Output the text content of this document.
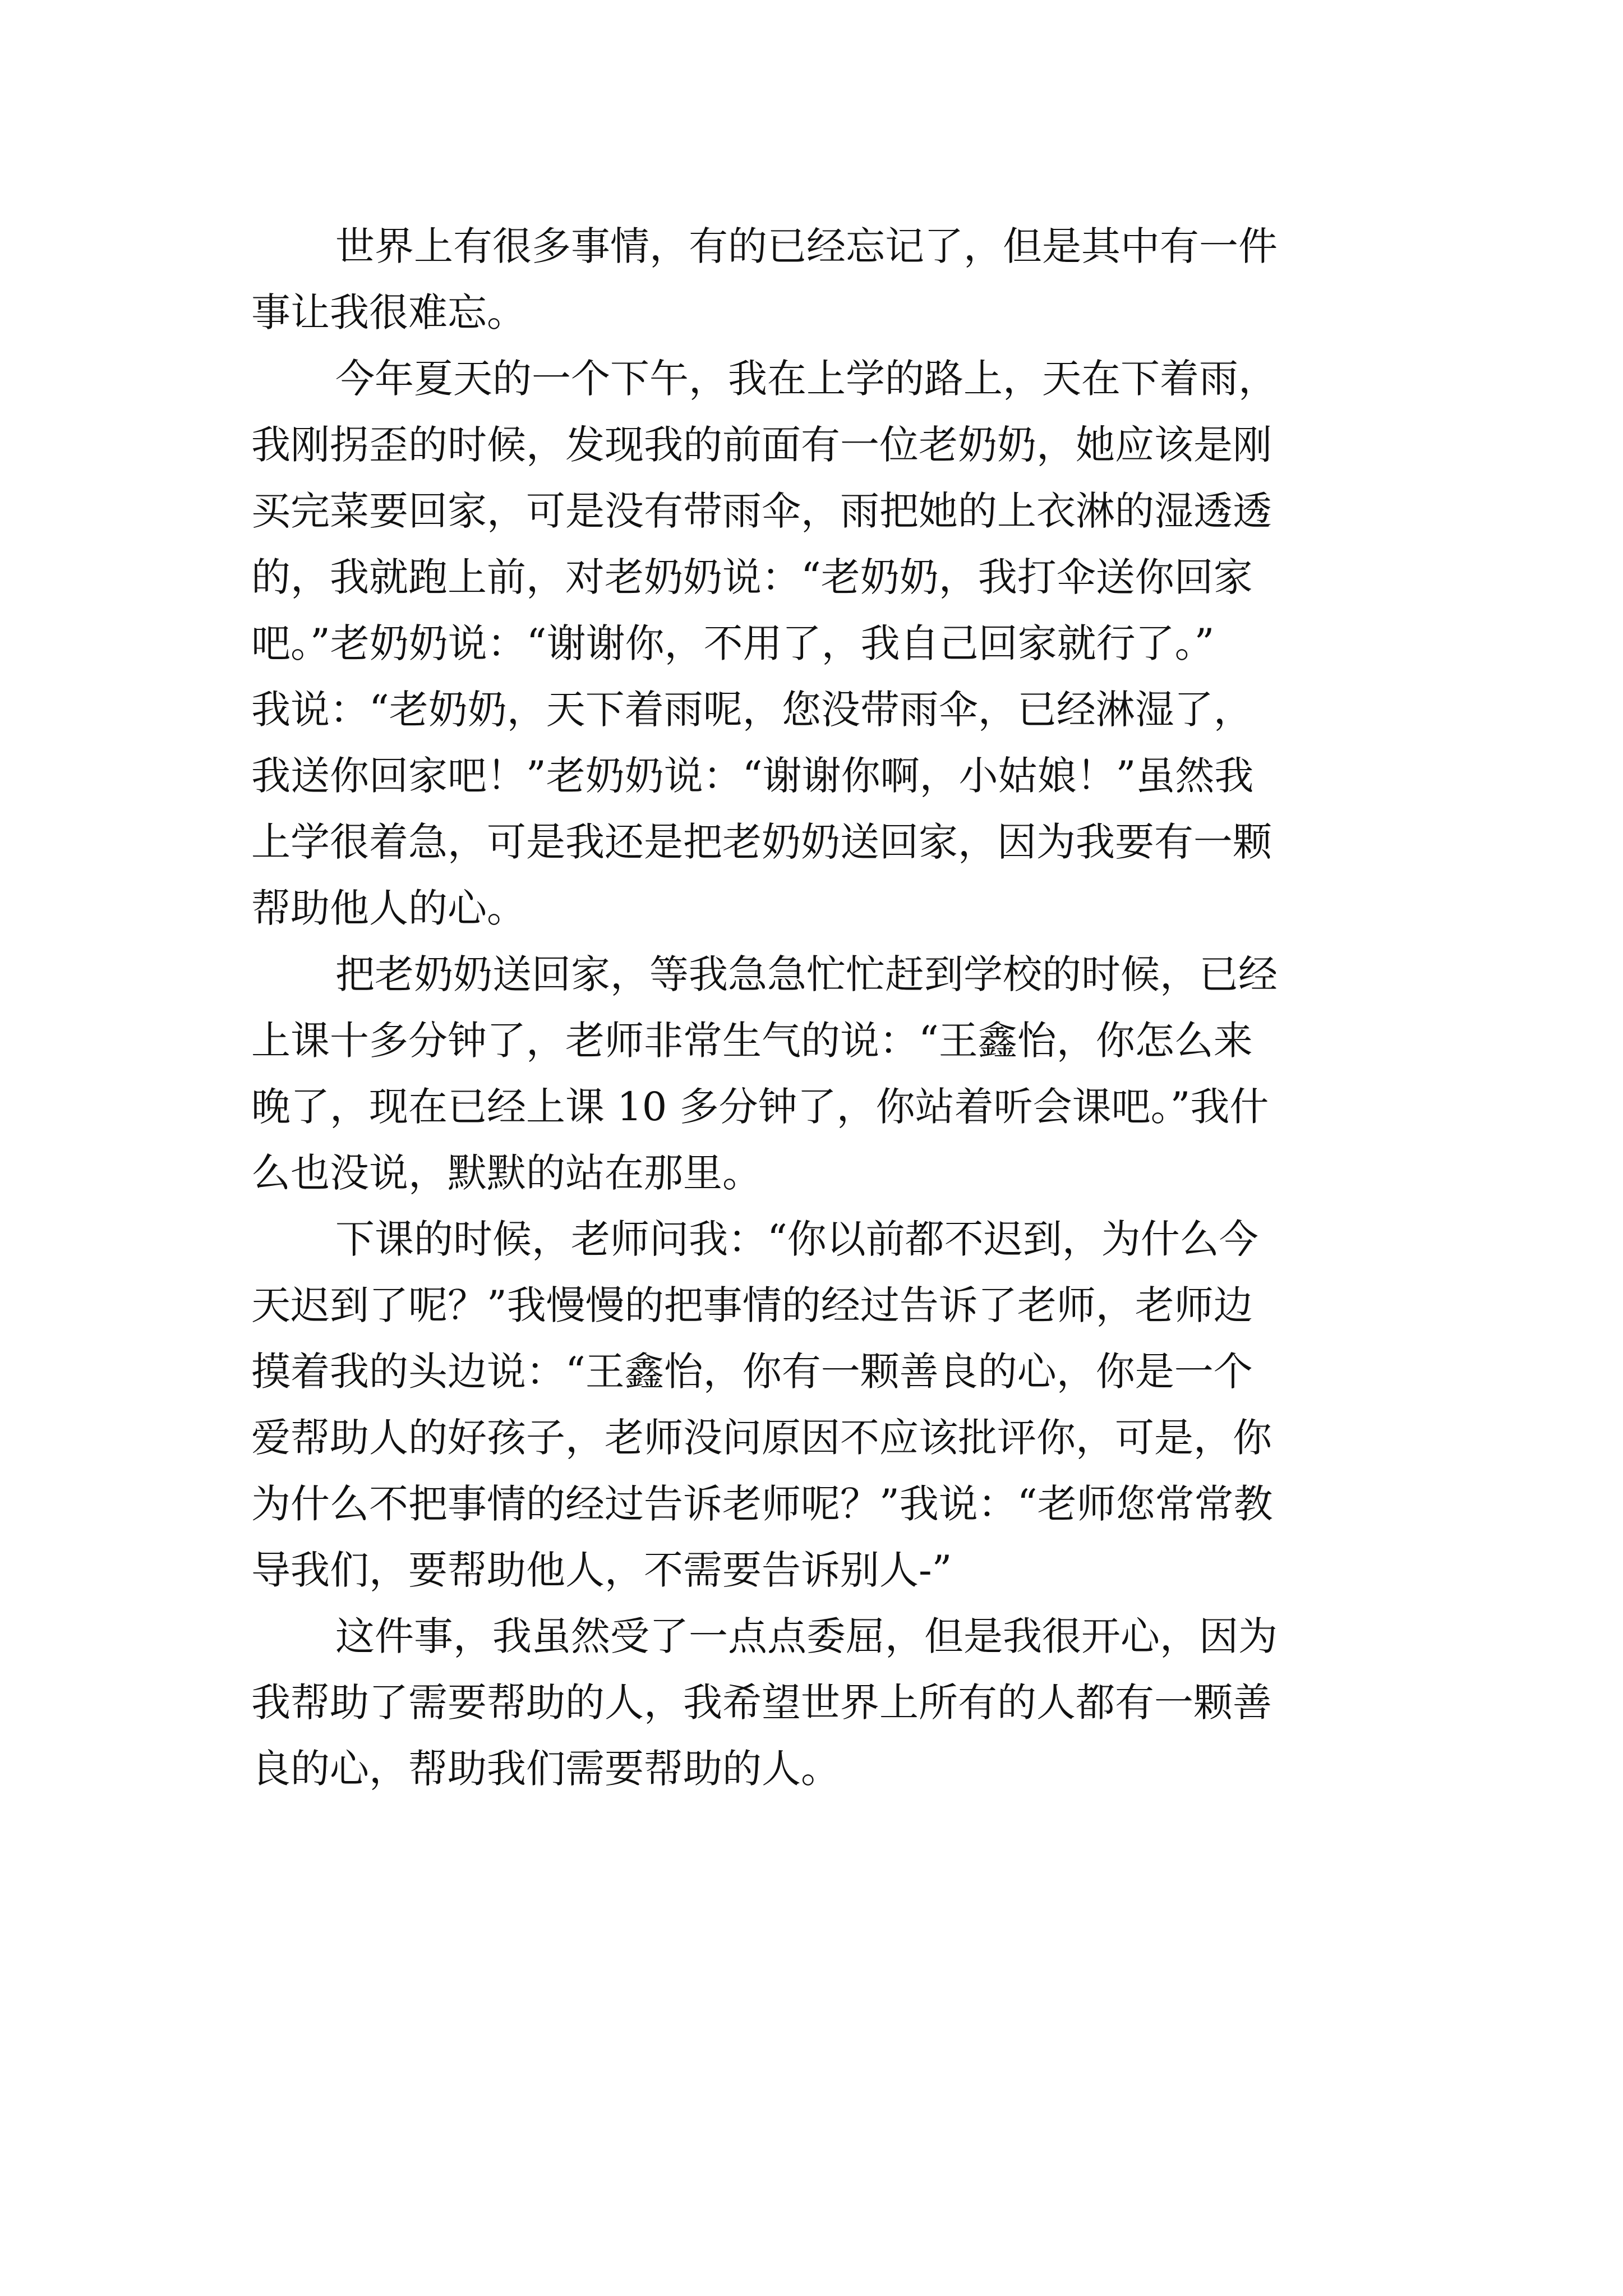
世界上有很多事情，有的已经忘记了，但是其中有一件
事让我很难忘。
今年夏天的一个下午，我在上学的路上，天在下着雨，
我刚拐歪的时候，发现我的前面有一位老奶奶，她应该是刚
买完菜要回家，可是没有带雨伞，雨把她的上衣淋的湿透透
的，我就跑上前，对老奶奶说：“老奶奶，我打伞送你回家
吧。”老奶奶说：“谢谢你，不用了，我自己回家就行了。”
我说：“老奶奶，天下着雨呢，您没带雨伞，已经淋湿了，
我送你回家吧！”老奶奶说：“谢谢你啊，小姑娘！”虽然我
上学很着急，可是我还是把老奶奶送回家，因为我要有一颗
帮助他人的心。
把老奶奶送回家，等我急急忙忙赶到学校的时候，已经
上课十多分钟了，老师非常生气的说：“王鑫怡，你怎么来
晚了，现在已经上课 10 多分钟了，你站着听会课吧。”我什
么也没说，默默的站在那里。
下课的时候，老师问我：“你以前都不迟到，为什么今
天迟到了呢？”我慢慢的把事情的经过告诉了老师，老师边
摸着我的头边说：“王鑫怡，你有一颗善良的心，你是一个
爱帮助人的好孩子，老师没问原因不应该批评你，可是，你
为什么不把事情的经过告诉老师呢？”我说：“老师您常常教
导我们，要帮助他人，不需要告诉别人-”
这件事，我虽然受了一点点委屈，但是我很开心，因为
我帮助了需要帮助的人，我希望世界上所有的人都有一颗善
良的心，帮助我们需要帮助的人。
